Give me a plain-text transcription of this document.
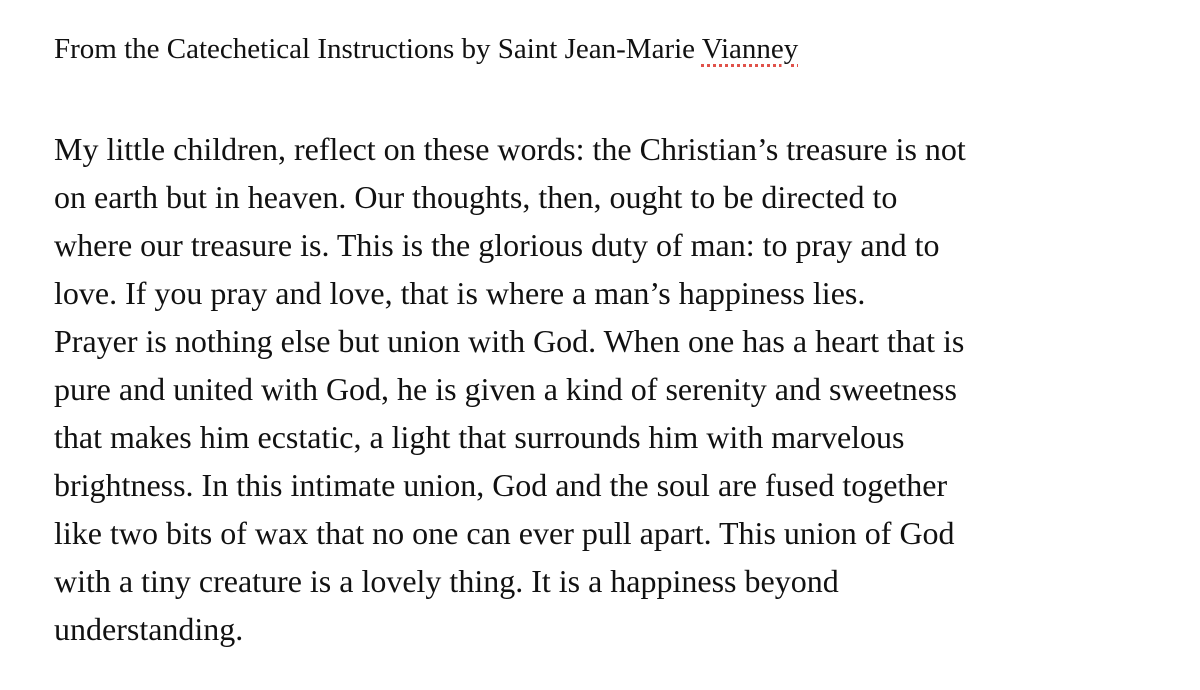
From the Catechetical Instructions by Saint Jean-Marie Vianney

My little children, reflect on these words: the Christian’s treasure is not
on earth but in heaven. Our thoughts, then, ought to be directed to
where our treasure is. This is the glorious duty of man: to pray and to
love. If you pray and love, that is where a man’s happiness lies.
Prayer is nothing else but union with God. When one has a heart that is
pure and united with God, he is given a kind of serenity and sweetness
that makes him ecstatic, a light that surrounds him with marvelous
brightness. In this intimate union, God and the soul are fused together
like two bits of wax that no one can ever pull apart. This union of God
with a tiny creature is a lovely thing. It is a happiness beyond
understanding.
